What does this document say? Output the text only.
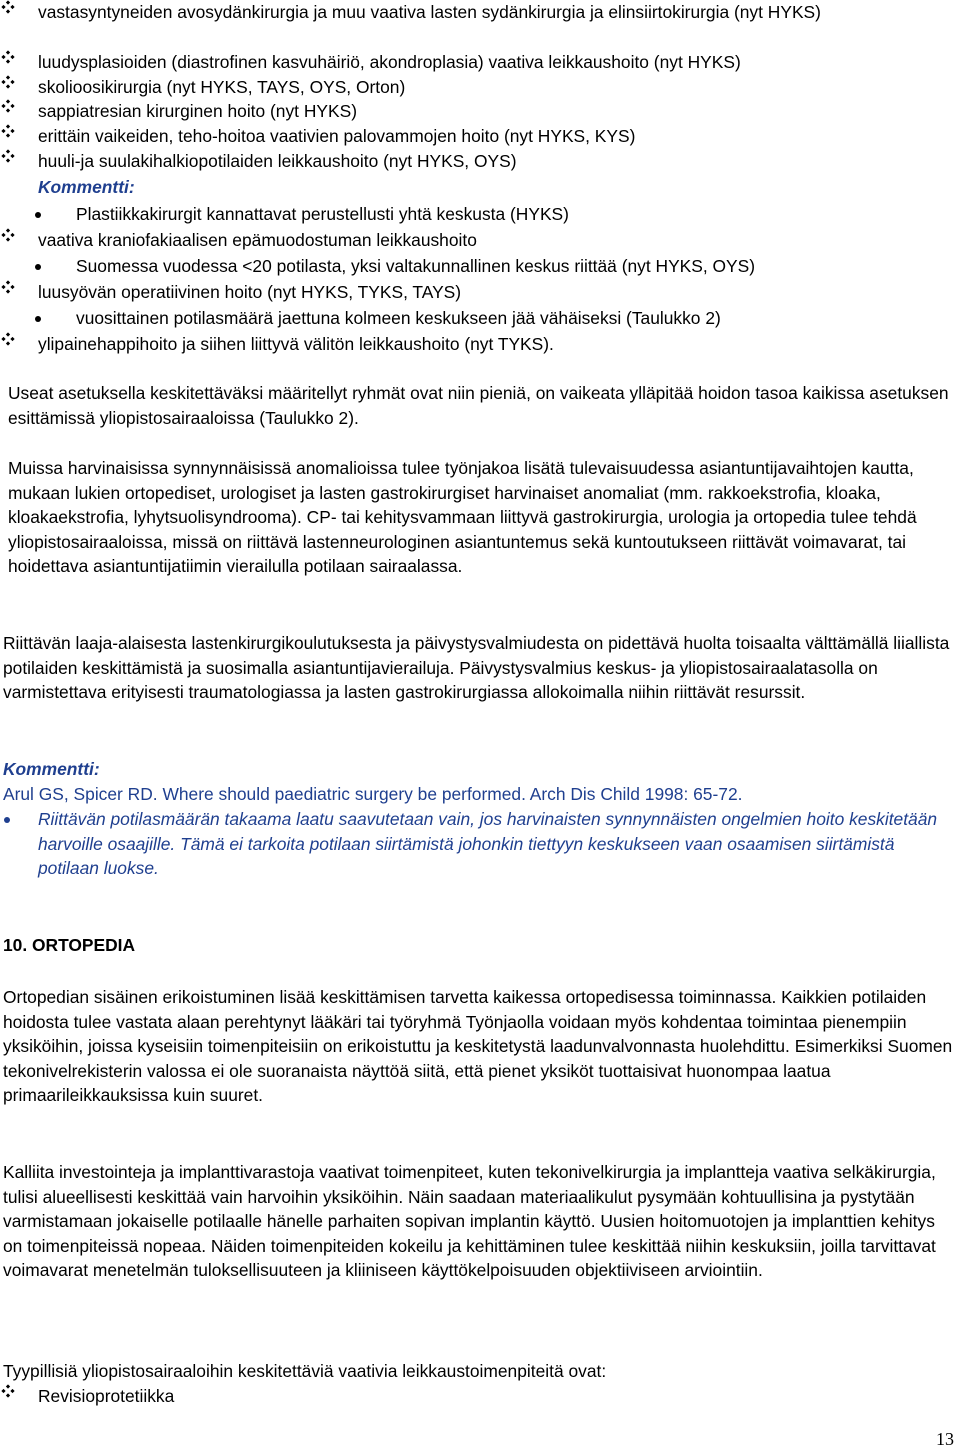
vastasyntyneiden avosydänkirurgia ja muu vaativa lasten sydänkirurgia ja elinsiirtokirurgia (nyt HYKS)
luudysplasioiden (diastrofinen kasvuhäiriö, akondroplasia) vaativa leikkaushoito (nyt HYKS)
skolioosikirurgia (nyt HYKS, TAYS, OYS, Orton)
sappiatresian kirurginen hoito (nyt HYKS)
erittäin vaikeiden, teho-hoitoa vaativien palovammojen hoito (nyt HYKS, KYS)
huuli-ja suulakihalkiopotilaiden leikkaushoito (nyt HYKS, OYS)
Kommentti:
Plastiikkakirurgit kannattavat perustellusti yhtä keskusta (HYKS)
vaativa kraniofakiaalisen epämuodostuman leikkaushoito
Suomessa vuodessa <20 potilasta, yksi valtakunnallinen keskus riittää (nyt HYKS, OYS)
luusyövän operatiivinen hoito (nyt HYKS, TYKS, TAYS)
vuosittainen potilasmäärä jaettuna kolmeen keskukseen jää vähäiseksi (Taulukko 2)
ylipainehappihoito ja siihen liittyvä välitön leikkaushoito (nyt TYKS).

Useat asetuksella keskitettäväksi määritellyt ryhmät ovat niin pieniä, on vaikeata ylläpitää hoidon tasoa kaikissa asetuksen esittämissä yliopistosairaaloissa (Taulukko 2).

Muissa harvinaisissa synnynnäisissä anomalioissa tulee työnjakoa lisätä tulevaisuudessa asiantuntijavaihtojen kautta, mukaan lukien ortopediset, urologiset ja lasten gastrokirurgiset harvinaiset anomaliat (mm. rakkoekstrofia, kloaka, kloakaekstrofia, lyhytsuolisyndrooma). CP- tai kehitysvammaan liittyvä gastrokirurgia, urologia ja ortopedia tulee tehdä yliopistosairaaloissa, missä on riittävä lastenneurologinen asiantuntemus sekä kuntoutukseen riittävät voimavarat, tai hoidettava asiantuntijatiimin vierailulla potilaan sairaalassa.

Riittävän laaja-alaisesta lastenkirurgikoulutuksesta ja päivystysvalmiudesta on pidettävä huolta toisaalta välttämällä liiallista potilaiden keskittämistä ja suosimalla asiantuntijavierailuja. Päivystysvalmius keskus- ja yliopistosairaalatasolla on varmistettava erityisesti traumatologiassa ja lasten gastrokirurgiassa allokoimalla niihin riittävät resurssit.

Kommentti:
Arul GS, Spicer RD. Where should paediatric surgery be performed. Arch Dis Child 1998: 65-72.
Riittävän potilasmäärän takaama laatu saavutetaan vain, jos harvinaisten synnynnäisten ongelmien hoito keskitetään harvoille osaajille. Tämä ei tarkoita potilaan siirtämistä johonkin tiettyyn keskukseen vaan osaamisen siirtämistä potilaan luokse.
10. ORTOPEDIA

Ortopedian sisäinen erikoistuminen lisää keskittämisen tarvetta kaikessa ortopedisessa toiminnassa. Kaikkien potilaiden hoidosta tulee vastata alaan perehtynyt lääkäri tai työryhmä Työnjaolla voidaan myös kohdentaa toimintaa pienempiin yksiköihin, joissa kyseisiin toimenpiteisiin on erikoistuttu ja keskitetystä laadunvalvonnasta huolehdittu. Esimerkiksi Suomen tekonivelrekisterin valossa ei ole suoranaista näyttöä siitä, että pienet yksiköt tuottaisivat huonompaa laatua primaarileikkauksissa kuin suuret.

Kalliita investointeja ja implanttivarastoja vaativat toimenpiteet, kuten tekonivelkirurgia ja implantteja vaativa selkäkirurgia, tulisi alueellisesti keskittää vain harvoihin yksiköihin. Näin saadaan materiaalikulut pysymään kohtuullisina ja pystytään varmistamaan jokaiselle potilaalle hänelle parhaiten sopivan implantin käyttö. Uusien hoitomuotojen ja implanttien kehitys on toimenpiteissä nopeaa. Näiden toimenpiteiden kokeilu ja kehittäminen tulee keskittää niihin keskuksiin, joilla tarvittavat voimavarat menetelmän tuloksellisuuteen ja kliiniseen käyttökelpoisuuden objektiiviseen arviointiin.

Tyypillisiä yliopistosairaaloihin keskitettäviä vaativia leikkaustoimenpiteitä ovat:

Revisioprotetiikka
13
